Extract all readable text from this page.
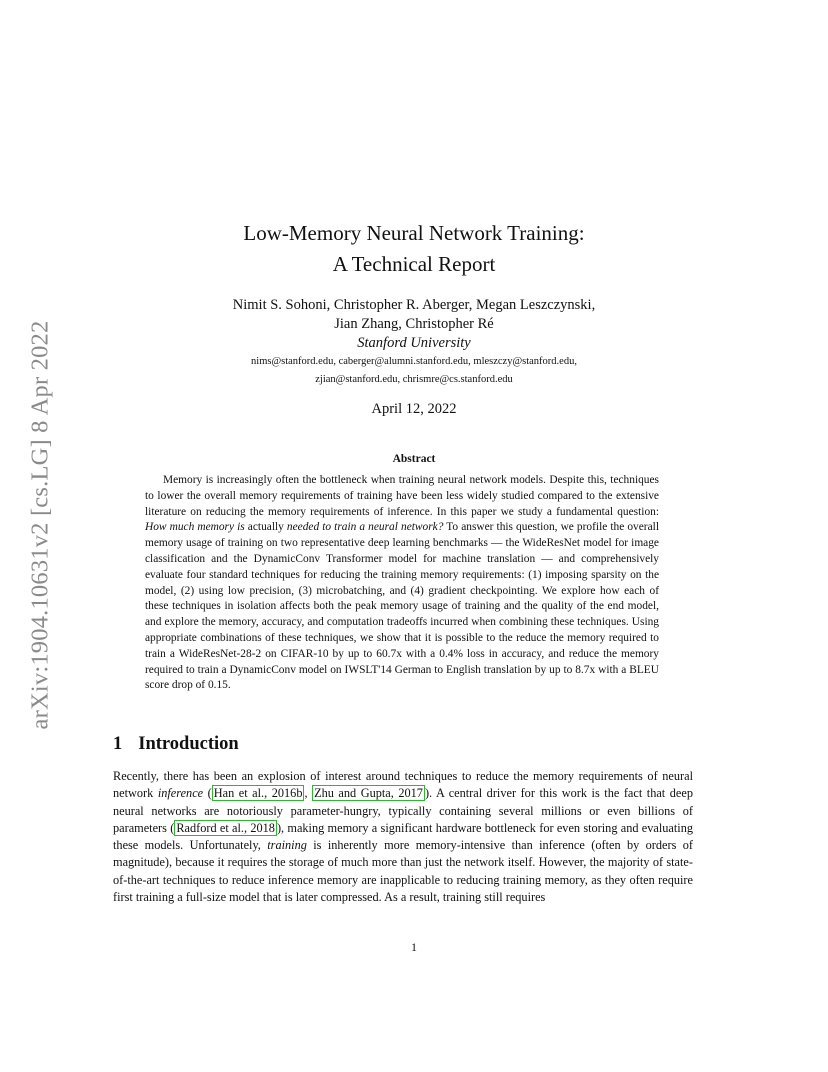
arXiv:1904.10631v2 [cs.LG] 8 Apr 2022
Low-Memory Neural Network Training:
A Technical Report
Nimit S. Sohoni, Christopher R. Aberger, Megan Leszczynski,
Jian Zhang, Christopher Ré
Stanford University
nims@stanford.edu, caberger@alumni.stanford.edu, mleszczy@stanford.edu,
zjian@stanford.edu, chrismre@cs.stanford.edu
April 12, 2022
Abstract
Memory is increasingly often the bottleneck when training neural network models. Despite this, techniques to lower the overall memory requirements of training have been less widely studied compared to the extensive literature on reducing the memory requirements of inference. In this paper we study a fundamental question: How much memory is actually needed to train a neural network? To answer this question, we profile the overall memory usage of training on two representative deep learning benchmarks — the WideResNet model for image classification and the DynamicConv Transformer model for machine translation — and comprehensively evaluate four standard techniques for reducing the training memory requirements: (1) imposing sparsity on the model, (2) using low precision, (3) microbatching, and (4) gradient checkpointing. We explore how each of these techniques in isolation affects both the peak memory usage of training and the quality of the end model, and explore the memory, accuracy, and computation tradeoffs incurred when combining these techniques. Using appropriate combinations of these techniques, we show that it is possible to the reduce the memory required to train a WideResNet-28-2 on CIFAR-10 by up to 60.7x with a 0.4% loss in accuracy, and reduce the memory required to train a DynamicConv model on IWSLT'14 German to English translation by up to 8.7x with a BLEU score drop of 0.15.
1 Introduction
Recently, there has been an explosion of interest around techniques to reduce the memory requirements of neural network inference ( Han et al., 2016b , Zhu and Gupta, 2017 ). A central driver for this work is the fact that deep neural networks are notoriously parameter-hungry, typically containing several millions or even billions of parameters ( Radford et al., 2018 ), making memory a significant hardware bottleneck for even storing and evaluating these models. Unfortunately, training is inherently more memory-intensive than inference (often by orders of magnitude), because it requires the storage of much more than just the network itself. However, the majority of state-of-the-art techniques to reduce inference memory are inapplicable to reducing training memory, as they often require first training a full-size model that is later compressed. As a result, training still requires
1
